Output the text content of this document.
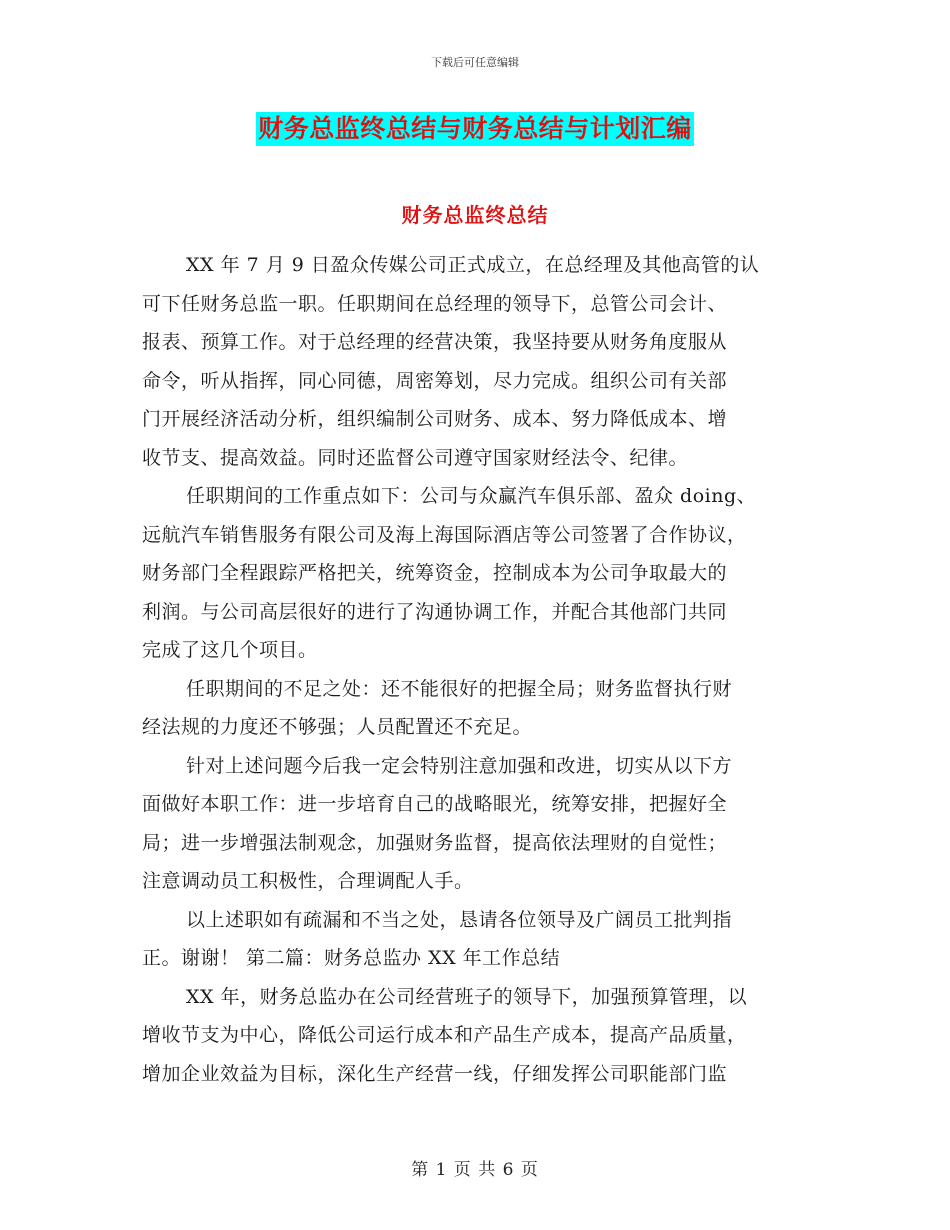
下载后可任意编辑
财务总监终总结与财务总结与计划汇编
财务总监终总结
XX 年 7 月 9 日盈众传媒公司正式成立，在总经理及其他高管的认
可下任财务总监一职。任职期间在总经理的领导下，总管公司会计、
报表、预算工作。对于总经理的经营决策，我坚持要从财务角度服从
命令，听从指挥，同心同德，周密筹划，尽力完成。组织公司有关部
门开展经济活动分析，组织编制公司财务、成本、努力降低成本、增
收节支、提高效益。同时还监督公司遵守国家财经法令、纪律。
任职期间的工作重点如下：公司与众赢汽车俱乐部、盈众 doing、
远航汽车销售服务有限公司及海上海国际酒店等公司签署了合作协议，
财务部门全程跟踪严格把关，统筹资金，控制成本为公司争取最大的
利润。与公司高层很好的进行了沟通协调工作，并配合其他部门共同
完成了这几个项目。
任职期间的不足之处：还不能很好的把握全局；财务监督执行财
经法规的力度还不够强；人员配置还不充足。
针对上述问题今后我一定会特别注意加强和改进，切实从以下方
面做好本职工作：进一步培育自己的战略眼光，统筹安排，把握好全
局；进一步增强法制观念，加强财务监督，提高依法理财的自觉性；
注意调动员工积极性，合理调配人手。
以上述职如有疏漏和不当之处，恳请各位领导及广阔员工批判指
正。谢谢！ 第二篇：财务总监办 XX 年工作总结
XX 年，财务总监办在公司经营班子的领导下，加强预算管理，以
增收节支为中心，降低公司运行成本和产品生产成本，提高产品质量，
增加企业效益为目标，深化生产经营一线，仔细发挥公司职能部门监
第 1 页 共 6 页
